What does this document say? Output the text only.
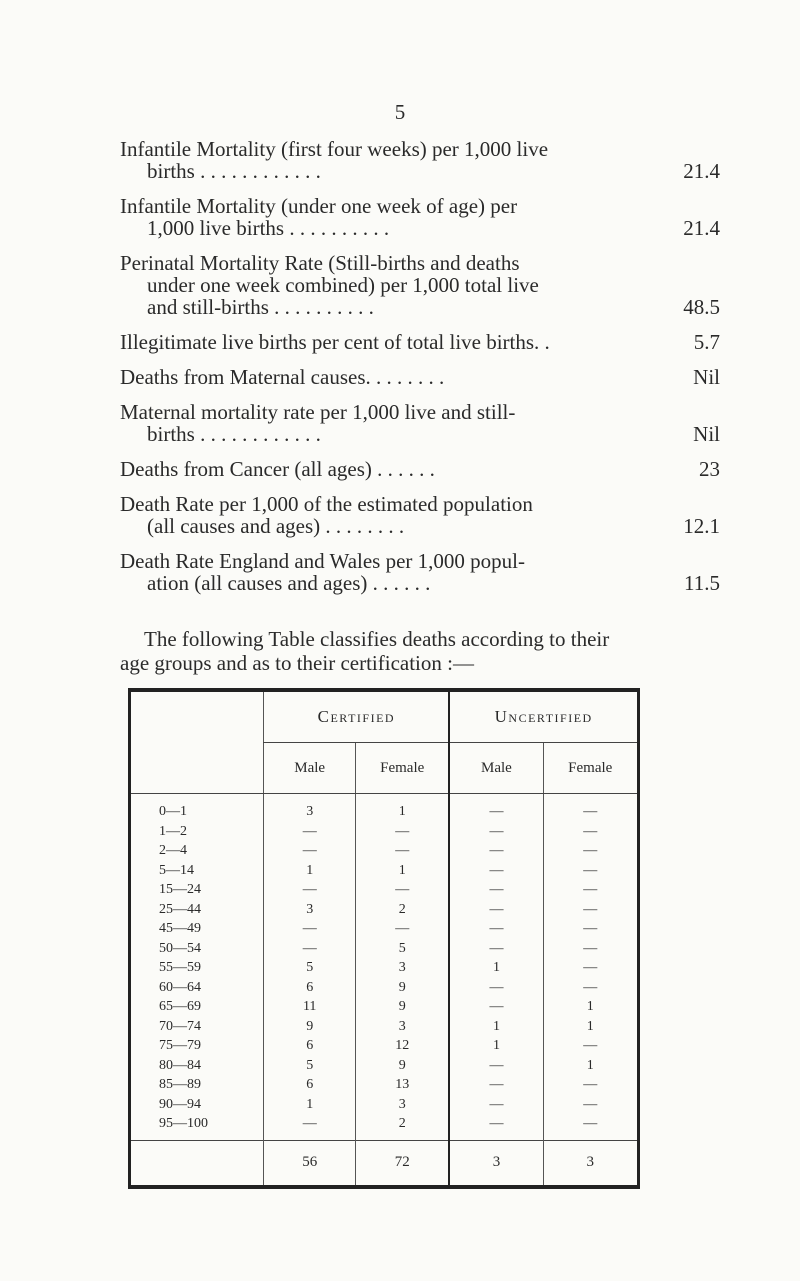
5
Infantile Mortality (first four weeks) per 1,000 live
births . . . . . . . . . . . .	21.4
Infantile Mortality (under one week of age) per
1,000 live births . . . . . . . . . .	21.4
Perinatal Mortality Rate (Still-births and deaths
under one week combined) per 1,000 total live
and still-births . . . . . . . . . .	48.5
Illegitimate live births per cent of total live births. .	5.7
Deaths from Maternal causes. . . . . . . .	Nil
Maternal mortality rate per 1,000 live and still-
births . . . . . . . . . . . .	Nil
Deaths from Cancer (all ages) . . . . . .	23
Death Rate per 1,000 of the estimated population
(all causes and ages) . . . . . . . .	12.1
Death Rate England and Wales per 1,000 popul-
ation (all causes and ages) . . . . . .	11.5
The following Table classifies deaths according to their
age groups and as to their certification :—
	Certified		Uncertified	
	Male	Female	Male	Female
0—1	3	1	—	—
1—2	—	—	—	—
2—4	—	—	—	—
5—14	1	1	—	—
15—24	—	—	—	—
25—44	3	2	—	—
45—49	—	—	—	—
50—54	—	5	—	—
55—59	5	3	1	—
60—64	6	9	—	—
65—69	11	9	—	1
70—74	9	3	1	1
75—79	6	12	1	—
80—84	5	9	—	1
85—89	6	13	—	—
90—94	1	3	—	—
95—100	—	2	—	—
	56	72	3	3
